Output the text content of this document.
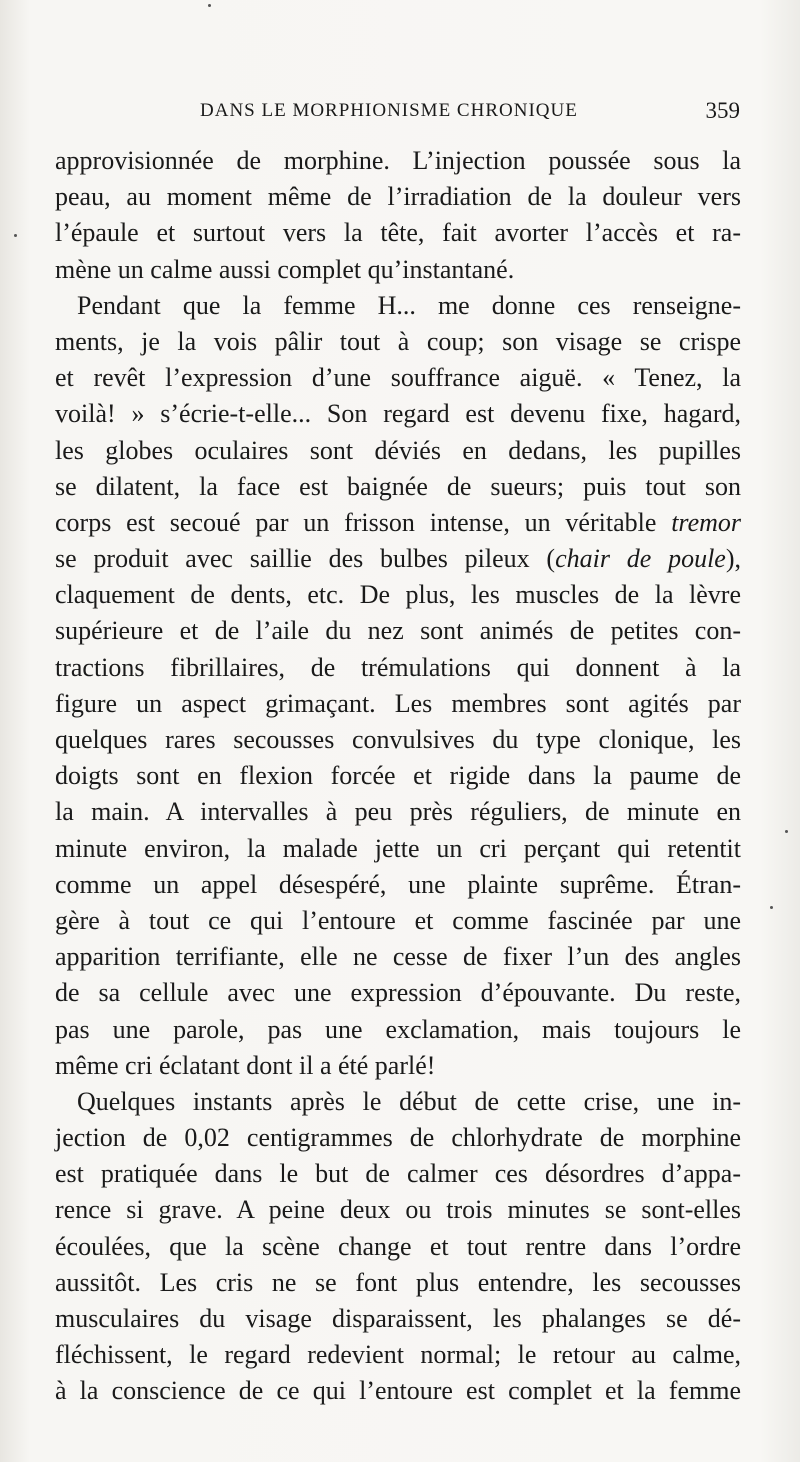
DANS LE MORPHIONISME CHRONIQUE	359
approvisionnée de morphine. L’injection poussée sous la
peau, au moment même de l’irradiation de la douleur vers
l’épaule et surtout vers la tête, fait avorter l’accès et ra-
mène un calme aussi complet qu’instantané.
Pendant que la femme H... me donne ces renseigne-
ments, je la vois pâlir tout à coup; son visage se crispe
et revêt l’expression d’une souffrance aiguë. « Tenez, la
voilà! » s’écrie-t-elle... Son regard est devenu fixe, hagard,
les globes oculaires sont déviés en dedans, les pupilles
se dilatent, la face est baignée de sueurs; puis tout son
corps est secoué par un frisson intense, un véritable tremor
se produit avec saillie des bulbes pileux (chair de poule),
claquement de dents, etc. De plus, les muscles de la lèvre
supérieure et de l’aile du nez sont animés de petites con-
tractions fibrillaires, de trémulations qui donnent à la
figure un aspect grimaçant. Les membres sont agités par
quelques rares secousses convulsives du type clonique, les
doigts sont en flexion forcée et rigide dans la paume de
la main. A intervalles à peu près réguliers, de minute en
minute environ, la malade jette un cri perçant qui retentit
comme un appel désespéré, une plainte suprême. Étran-
gère à tout ce qui l’entoure et comme fascinée par une
apparition terrifiante, elle ne cesse de fixer l’un des angles
de sa cellule avec une expression d’épouvante. Du reste,
pas une parole, pas une exclamation, mais toujours le
même cri éclatant dont il a été parlé!
Quelques instants après le début de cette crise, une in-
jection de 0,02 centigrammes de chlorhydrate de morphine
est pratiquée dans le but de calmer ces désordres d’appa-
rence si grave. A peine deux ou trois minutes se sont-elles
écoulées, que la scène change et tout rentre dans l’ordre
aussitôt. Les cris ne se font plus entendre, les secousses
musculaires du visage disparaissent, les phalanges se dé-
fléchissent, le regard redevient normal; le retour au calme,
à la conscience de ce qui l’entoure est complet et la femme
